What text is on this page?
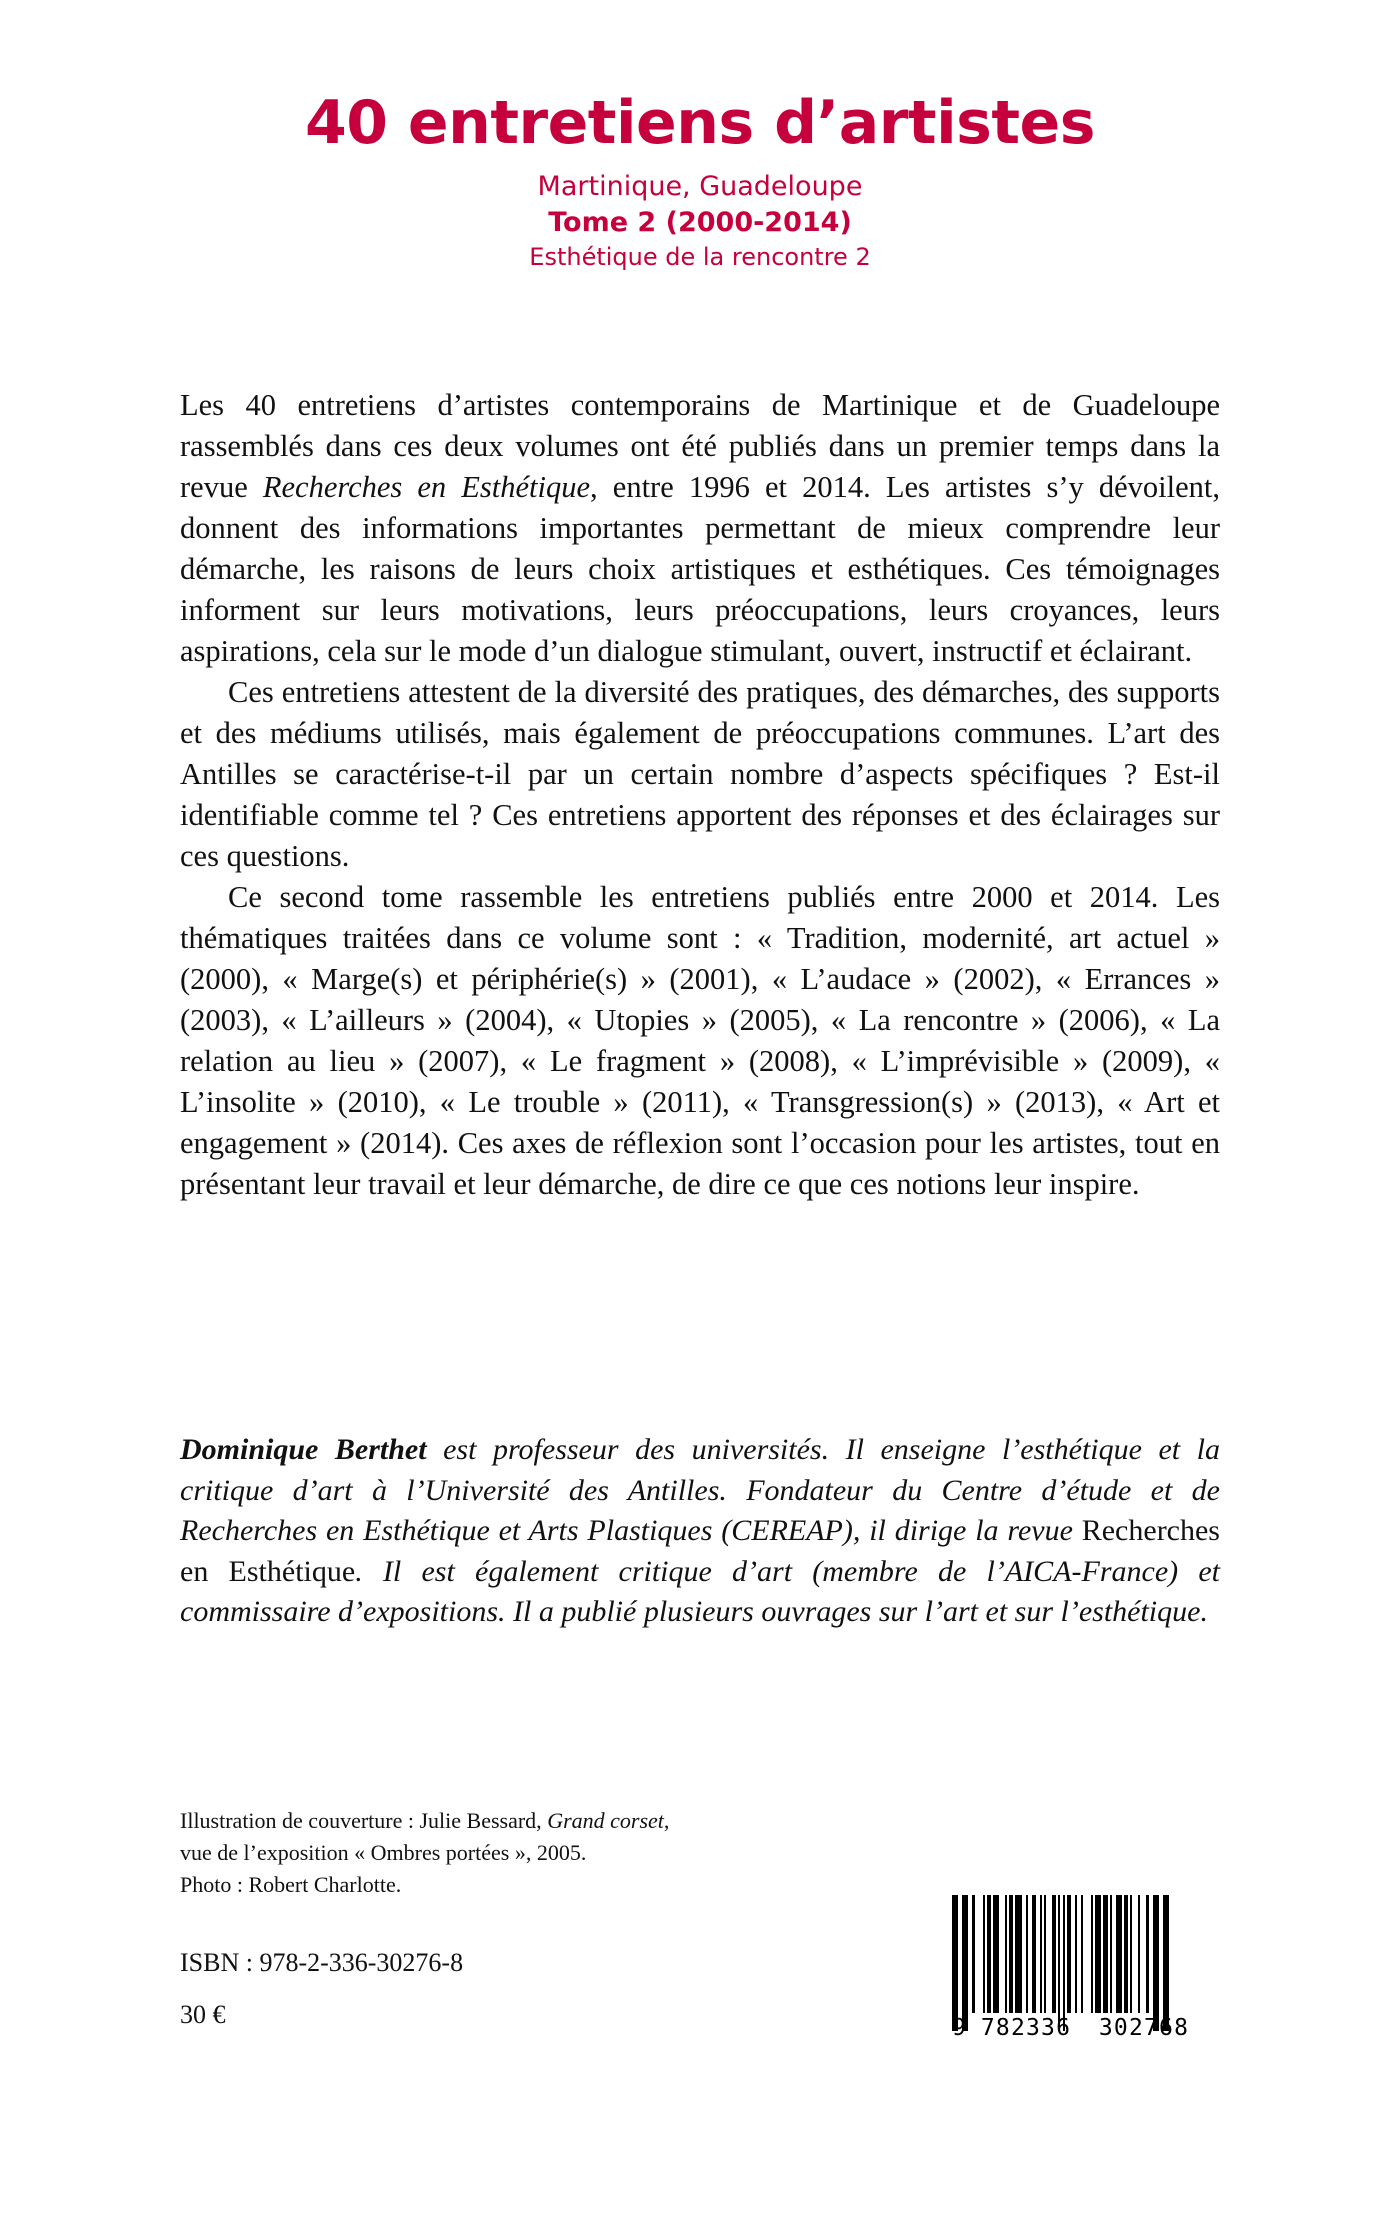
40 entretiens d’artistes
Martinique, Guadeloupe
Tome 2 (2000-2014)
Esthétique de la rencontre 2

Les 40 entretiens d’artistes contemporains de Martinique et de Guadeloupe rassemblés dans ces deux volumes ont été publiés dans un premier temps dans la revue Recherches en Esthétique, entre 1996 et 2014. Les artistes s’y dévoilent, donnent des informations importantes permettant de mieux comprendre leur démarche, les raisons de leurs choix artistiques et esthétiques. Ces témoignages informent sur leurs motivations, leurs préoccupations, leurs croyances, leurs aspirations, cela sur le mode d’un dialogue stimulant, ouvert, instructif et éclairant.

Ces entretiens attestent de la diversité des pratiques, des démarches, des supports et des médiums utilisés, mais également de préoccupations communes. L’art des Antilles se caractérise-t-il par un certain nombre d’aspects spécifiques ? Est-il identifiable comme tel ? Ces entretiens apportent des réponses et des éclairages sur ces questions.

Ce second tome rassemble les entretiens publiés entre 2000 et 2014. Les thématiques traitées dans ce volume sont : « Tradition, modernité, art actuel » (2000), « Marge(s) et périphérie(s) » (2001), « L’audace » (2002), « Errances » (2003), « L’ailleurs » (2004), « Utopies » (2005), « La rencontre » (2006), « La relation au lieu » (2007), « Le fragment » (2008), « L’imprévisible » (2009), « L’insolite » (2010), « Le trouble » (2011), « Transgression(s) » (2013), « Art et engagement » (2014). Ces axes de réflexion sont l’occasion pour les artistes, tout en présentant leur travail et leur démarche, de dire ce que ces notions leur inspire.

Dominique Berthet est professeur des universités. Il enseigne l’esthétique et la critique d’art à l’Université des Antilles. Fondateur du Centre d’étude et de Recherches en Esthétique et Arts Plastiques (CEREAP), il dirige la revue Recherches en Esthétique. Il est également critique d’art (membre de l’AICA-France) et commissaire d’expositions. Il a publié plusieurs ouvrages sur l’art et sur l’esthétique.
Illustration de couverture : Julie Bessard, Grand corset,
vue de l’exposition « Ombres portées », 2005.
Photo : Robert Charlotte.
ISBN : 978-2-336-30276-8
30 €	9 782336	302768
